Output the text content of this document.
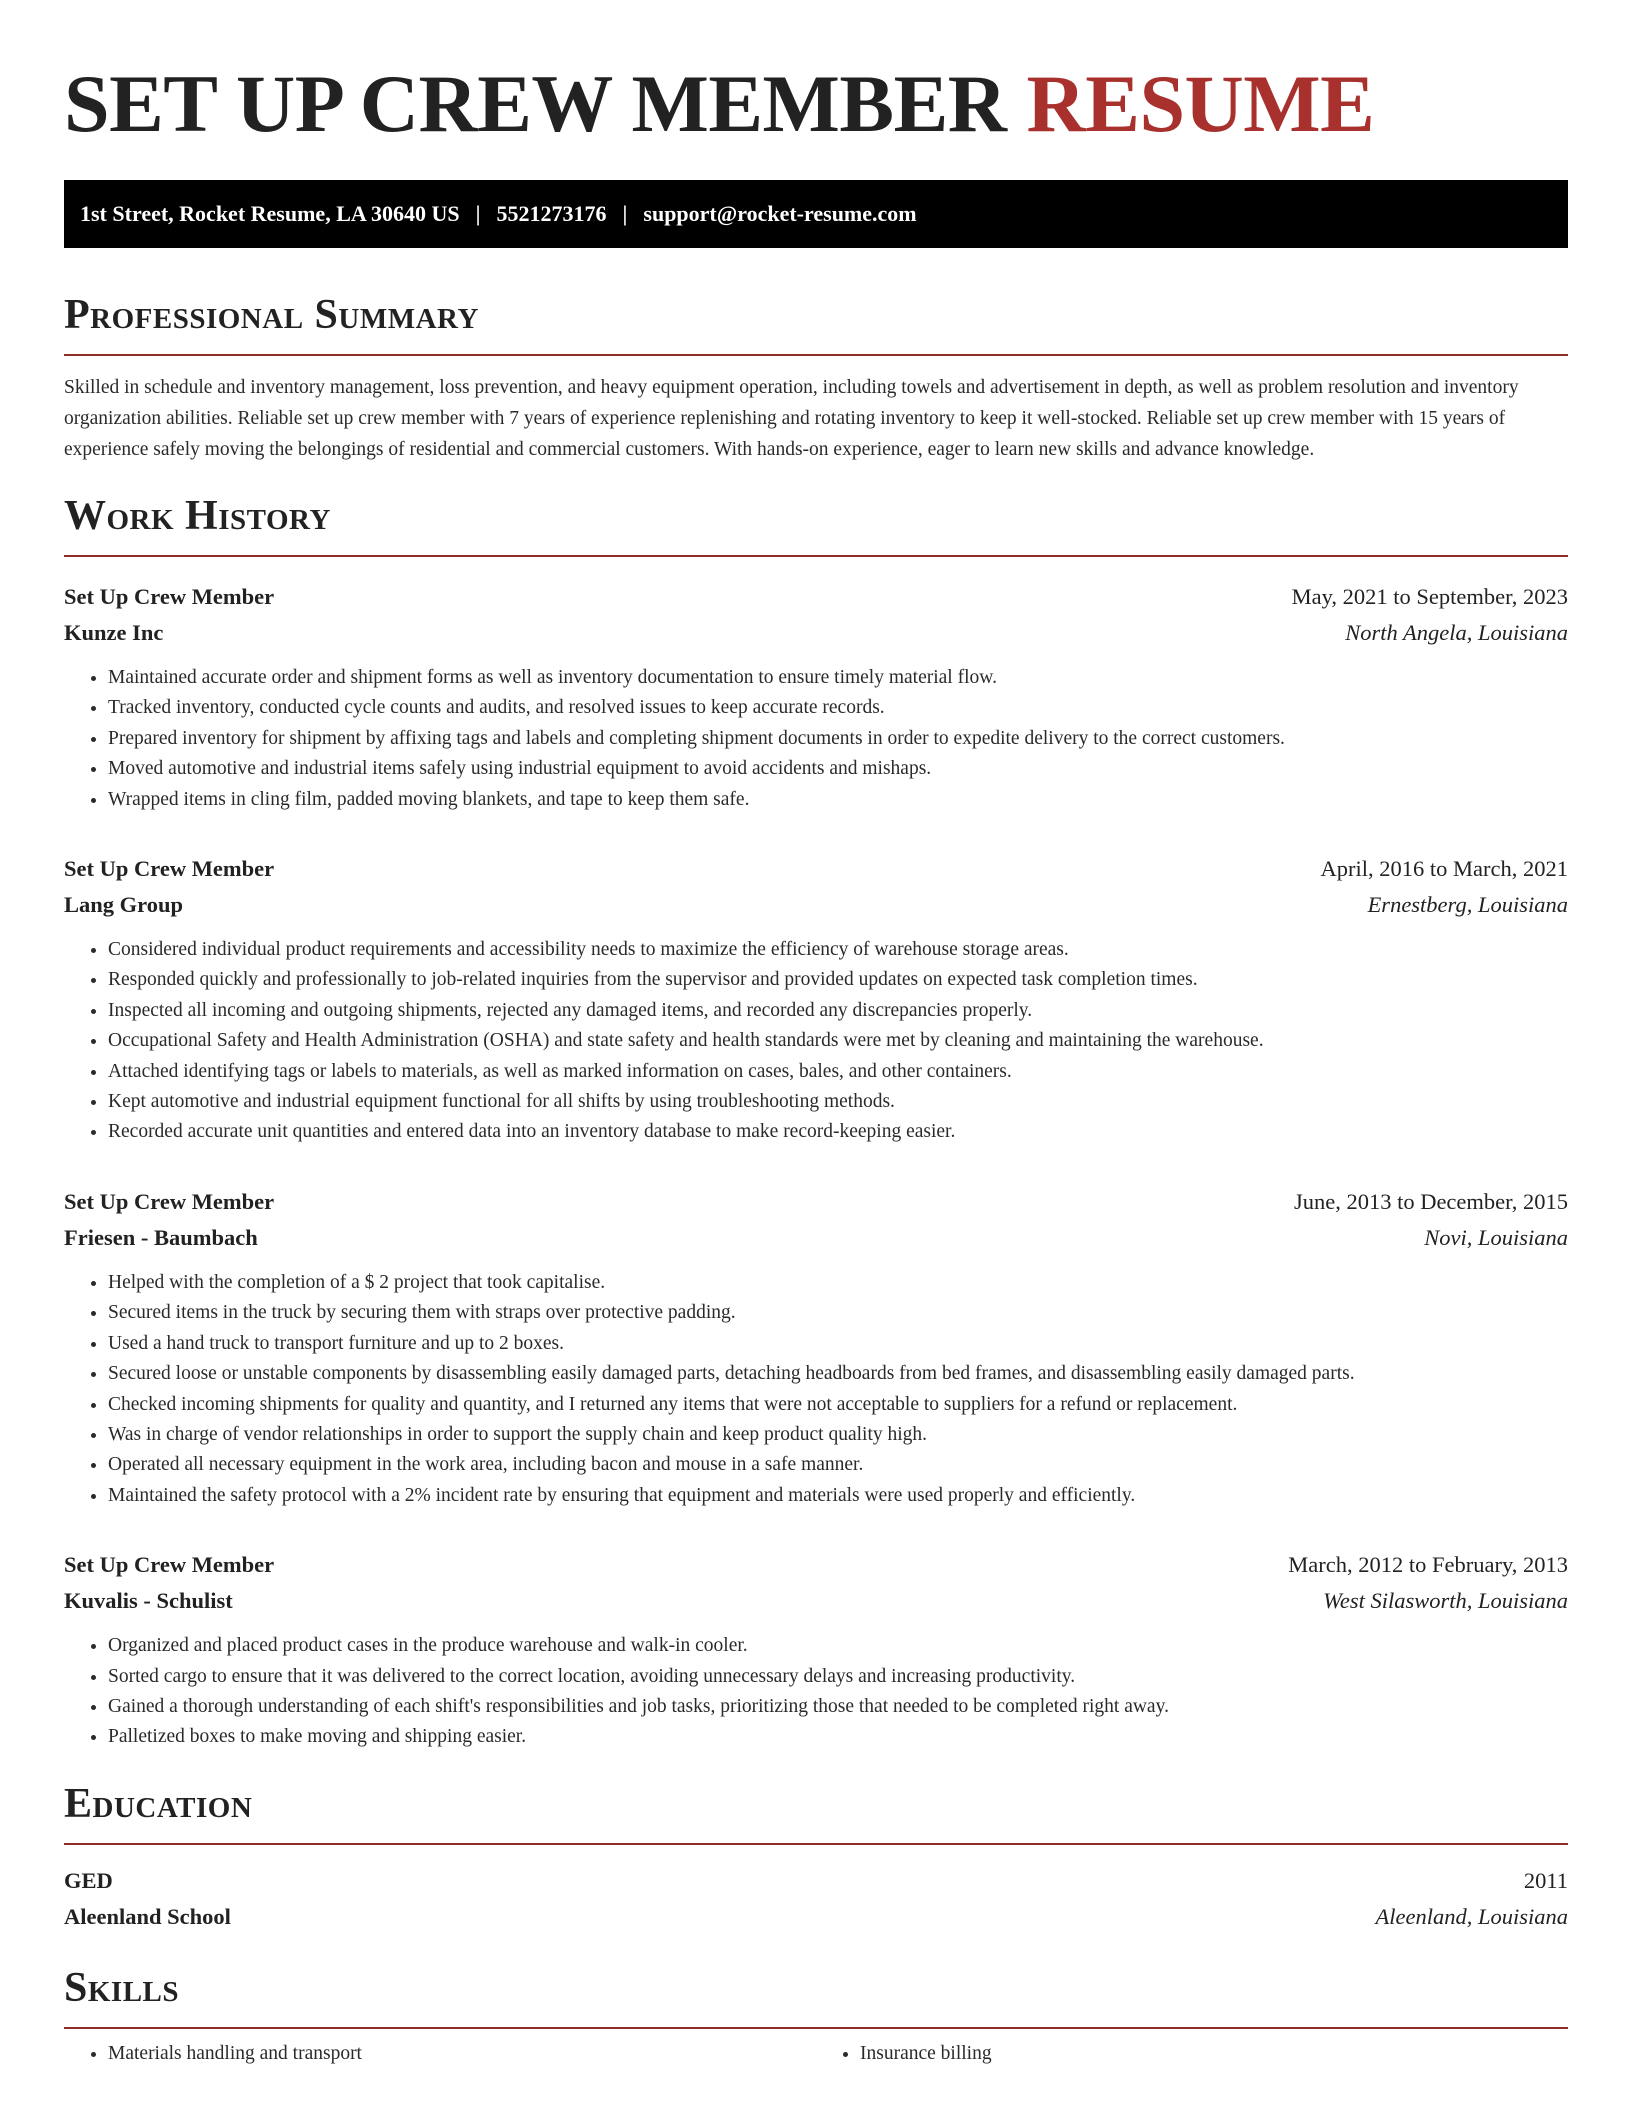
SET UP CREW MEMBER RESUME
1st Street, Rocket Resume, LA 30640 US | 5521273176 | support@rocket-resume.com
Professional Summary

Skilled in schedule and inventory management, loss prevention, and heavy equipment operation, including towels and advertisement in depth, as well as problem resolution and inventory organization abilities. Reliable set up crew member with 7 years of experience replenishing and rotating inventory to keep it well-stocked. Reliable set up crew member with 15 years of experience safely moving the belongings of residential and commercial customers. With hands-on experience, eager to learn new skills and advance knowledge.

Work History
Set Up Crew Member	May, 2021 to September, 2023
Kunze Inc	North Angela, Louisiana
• Maintained accurate order and shipment forms as well as inventory documentation to ensure timely material flow.
• Tracked inventory, conducted cycle counts and audits, and resolved issues to keep accurate records.
• Prepared inventory for shipment by affixing tags and labels and completing shipment documents in order to expedite delivery to the correct customers.
• Moved automotive and industrial items safely using industrial equipment to avoid accidents and mishaps.
• Wrapped items in cling film, padded moving blankets, and tape to keep them safe.
Set Up Crew Member	April, 2016 to March, 2021
Lang Group	Ernestberg, Louisiana
• Considered individual product requirements and accessibility needs to maximize the efficiency of warehouse storage areas.
• Responded quickly and professionally to job-related inquiries from the supervisor and provided updates on expected task completion times.
• Inspected all incoming and outgoing shipments, rejected any damaged items, and recorded any discrepancies properly.
• Occupational Safety and Health Administration (OSHA) and state safety and health standards were met by cleaning and maintaining the warehouse.
• Attached identifying tags or labels to materials, as well as marked information on cases, bales, and other containers.
• Kept automotive and industrial equipment functional for all shifts by using troubleshooting methods.
• Recorded accurate unit quantities and entered data into an inventory database to make record-keeping easier.
Set Up Crew Member	June, 2013 to December, 2015
Friesen - Baumbach	Novi, Louisiana
• Helped with the completion of a $ 2 project that took capitalise.
• Secured items in the truck by securing them with straps over protective padding.
• Used a hand truck to transport furniture and up to 2 boxes.
• Secured loose or unstable components by disassembling easily damaged parts, detaching headboards from bed frames, and disassembling easily damaged parts.
• Checked incoming shipments for quality and quantity, and I returned any items that were not acceptable to suppliers for a refund or replacement.
• Was in charge of vendor relationships in order to support the supply chain and keep product quality high.
• Operated all necessary equipment in the work area, including bacon and mouse in a safe manner.
• Maintained the safety protocol with a 2% incident rate by ensuring that equipment and materials were used properly and efficiently.
Set Up Crew Member	March, 2012 to February, 2013
Kuvalis - Schulist	West Silasworth, Louisiana
• Organized and placed product cases in the produce warehouse and walk-in cooler.
• Sorted cargo to ensure that it was delivered to the correct location, avoiding unnecessary delays and increasing productivity.
• Gained a thorough understanding of each shift's responsibilities and job tasks, prioritizing those that needed to be completed right away.
• Palletized boxes to make moving and shipping easier.
Education
GED	2011
Aleenland School	Aleenland, Louisiana
Skills
• Materials handling and transport
•	Insurance billing
